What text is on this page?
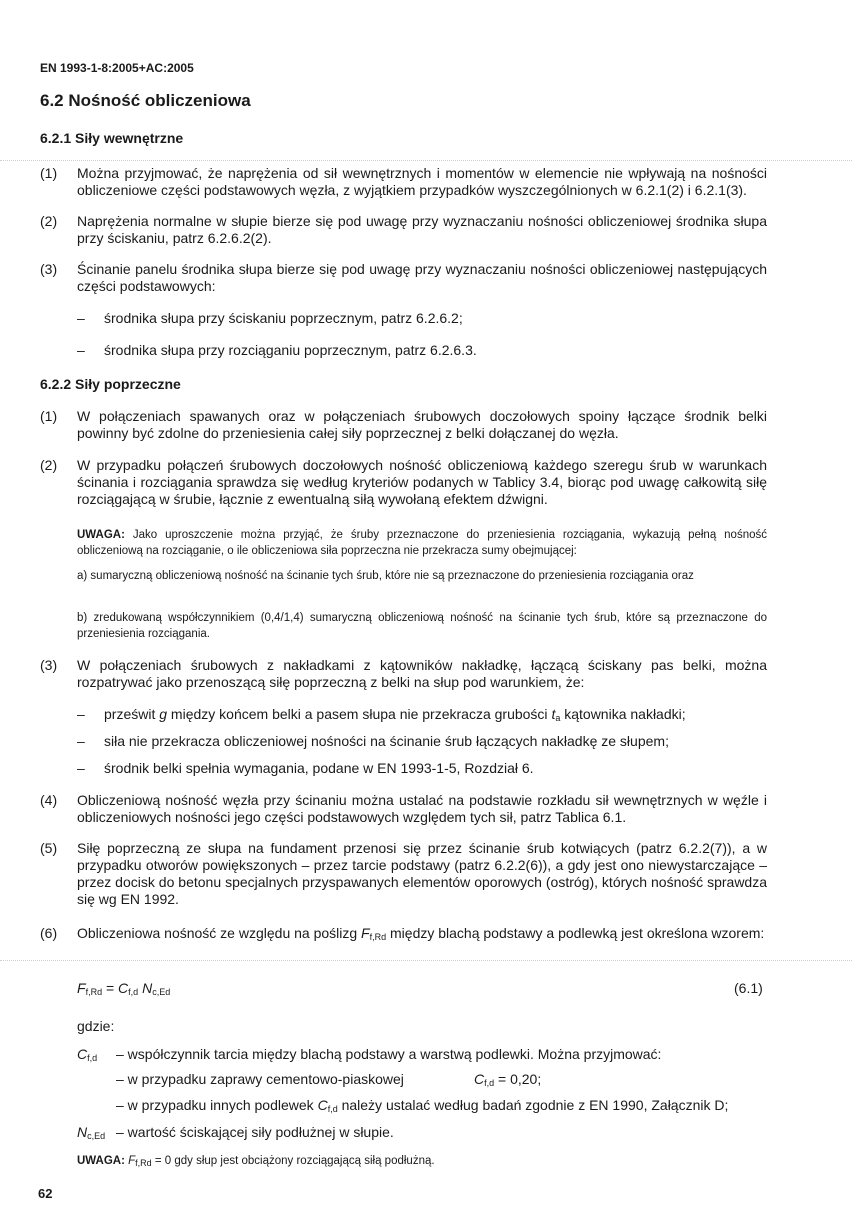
EN 1993-1-8:2005+AC:2005
6.2 Nośność obliczeniowa
6.2.1 Siły wewnętrzne
(1) Można przyjmować, że naprężenia od sił wewnętrznych i momentów w elemencie nie wpływają na nośności obliczeniowe części podstawowych węzła, z wyjątkiem przypadków wyszczególnionych w 6.2.1(2) i 6.2.1(3).
(2) Naprężenia normalne w słupie bierze się pod uwagę przy wyznaczaniu nośności obliczeniowej środnika słupa przy ściskaniu, patrz 6.2.6.2(2).
(3) Ścinanie panelu środnika słupa bierze się pod uwagę przy wyznaczaniu nośności obliczeniowej następujących części podstawowych:
– środnika słupa przy ściskaniu poprzecznym, patrz 6.2.6.2;
– środnika słupa przy rozciąganiu poprzecznym, patrz 6.2.6.3.
6.2.2 Siły poprzeczne
(1) W połączeniach spawanych oraz w połączeniach śrubowych doczołowych spoiny łączące środnik belki powinny być zdolne do przeniesienia całej siły poprzecznej z belki dołączanej do węzła.
(2) W przypadku połączeń śrubowych doczołowych nośność obliczeniową każdego szeregu śrub w warunkach ścinania i rozciągania sprawdza się według kryteriów podanych w Tablicy 3.4, biorąc pod uwagę całkowitą siłę rozciągającą w śrubie, łącznie z ewentualną siłą wywołaną efektem dźwigni.
UWAGA: Jako uproszczenie można przyjąć, że śruby przeznaczone do przeniesienia rozciągania, wykazują pełną nośność obliczeniową na rozciąganie, o ile obliczeniowa siła poprzeczna nie przekracza sumy obejmującej:
a) sumaryczną obliczeniową nośność na ścinanie tych śrub, które nie są przeznaczone do przeniesienia rozciągania oraz
b) zredukowaną współczynnikiem (0,4/1,4) sumaryczną obliczeniową nośność na ścinanie tych śrub, które są przeznaczone do przeniesienia rozciągania.
(3) W połączeniach śrubowych z nakładkami z kątowników nakładkę, łączącą ściskany pas belki, można rozpatrywać jako przenoszącą siłę poprzeczną z belki na słup pod warunkiem, że:
– prześwit g między końcem belki a pasem słupa nie przekracza grubości $t_a$ kątownika nakładki;
– siła nie przekracza obliczeniowej nośności na ścinanie śrub łączących nakładkę ze słupem;
– środnik belki spełnia wymagania, podane w EN 1993-1-5, Rozdział 6.
(4) Obliczeniową nośność węzła przy ścinaniu można ustalać na podstawie rozkładu sił wewnętrznych w węźle i obliczeniowych nośności jego części podstawowych względem tych sił, patrz Tablica 6.1.
(5) Siłę poprzeczną ze słupa na fundament przenosi się przez ścinanie śrub kotwiących (patrz 6.2.2(7)), a w przypadku otworów powiększonych – przez tarcie podstawy (patrz 6.2.2(6)), a gdy jest ono niewystarczające – przez docisk do betonu specjalnych przyspawanych elementów oporowych (ostróg), których nośność sprawdza się wg EN 1992.
(6) Obliczeniowa nośność ze względu na poślizg $F_{f,Rd}$ między blachą podstawy a podlewką jest określona wzorem:
$F_{f,Rd} = C_{f,d}$ $N_{c,Ed}$	(6.1)
gdzie:
$C_{f,d}$ – współczynnik tarcia między blachą podstawy a warstwą podlewki. Można przyjmować:
– w przypadku zaprawy cementowo-piaskowej	$C_{f,d} = 0,20$;
– w przypadku innych podlewek $C_{f,d}$ należy ustalać według badań zgodnie z EN 1990, Załącznik D;
$N_{c,Ed}$ – wartość ściskającej siły podłużnej w słupie.
UWAGA: $F_{f,Rd} = 0$ gdy słup jest obciążony rozciągającą siłą podłużną.
62
